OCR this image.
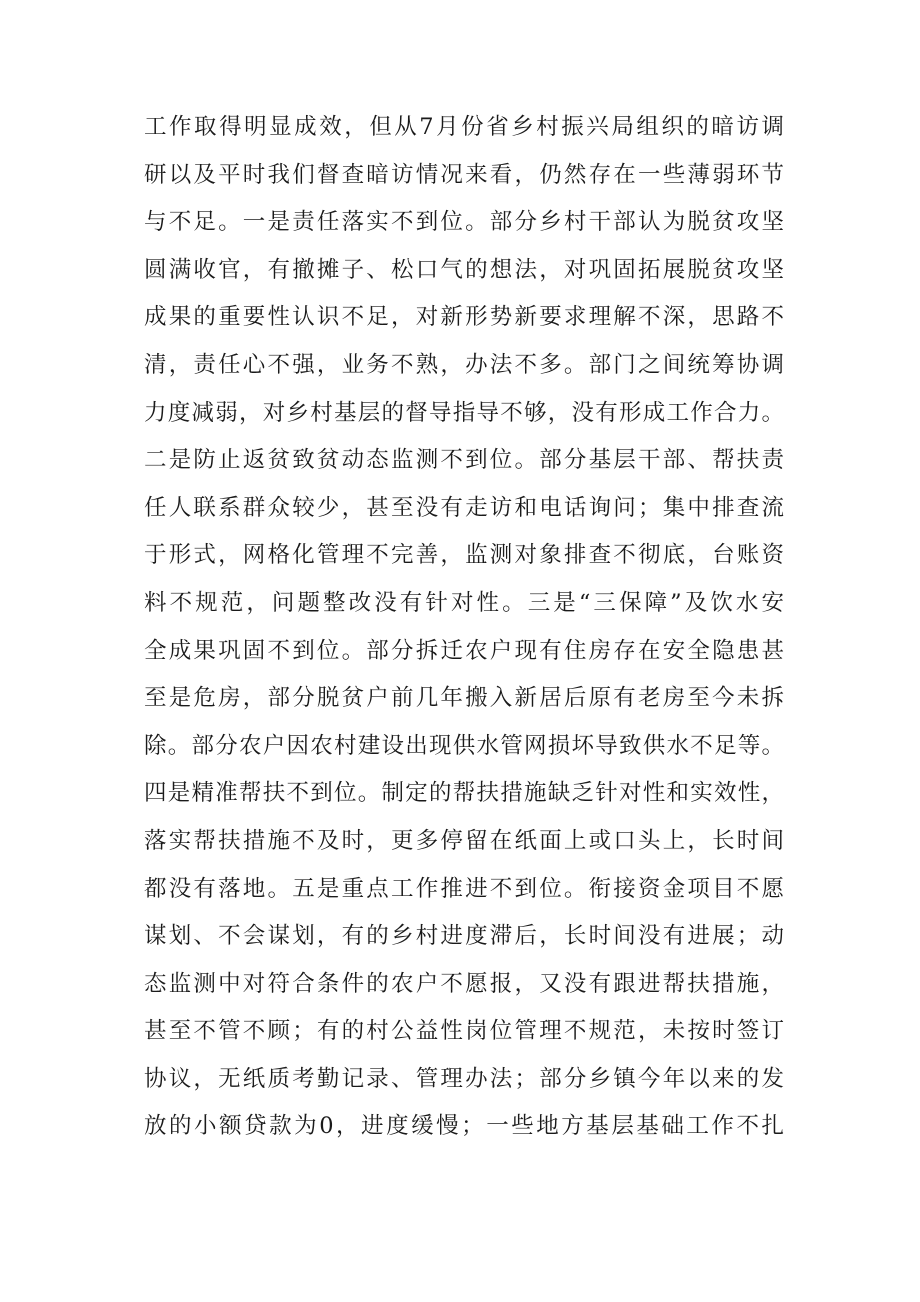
工作取得明显成效，但从7月份省乡村振兴局组织的暗访调
研以及平时我们督查暗访情况来看，仍然存在一些薄弱环节
与不足。一是责任落实不到位。部分乡村干部认为脱贫攻坚
圆满收官，有撤摊子、松口气的想法，对巩固拓展脱贫攻坚
成果的重要性认识不足，对新形势新要求理解不深，思路不
清，责任心不强，业务不熟，办法不多。部门之间统筹协调
力度减弱，对乡村基层的督导指导不够，没有形成工作合力。
二是防止返贫致贫动态监测不到位。部分基层干部、帮扶责
任人联系群众较少，甚至没有走访和电话询问；集中排查流
于形式，网格化管理不完善，监测对象排查不彻底，台账资
料不规范，问题整改没有针对性。三是“三保障”及饮水安
全成果巩固不到位。部分拆迁农户现有住房存在安全隐患甚
至是危房，部分脱贫户前几年搬入新居后原有老房至今未拆
除。部分农户因农村建设出现供水管网损坏导致供水不足等。
四是精准帮扶不到位。制定的帮扶措施缺乏针对性和实效性，
落实帮扶措施不及时，更多停留在纸面上或口头上，长时间
都没有落地。五是重点工作推进不到位。衔接资金项目不愿
谋划、不会谋划，有的乡村进度滞后，长时间没有进展；动
态监测中对符合条件的农户不愿报，又没有跟进帮扶措施，
甚至不管不顾；有的村公益性岗位管理不规范，未按时签订
协议，无纸质考勤记录、管理办法；部分乡镇今年以来的发
放的小额贷款为0，进度缓慢；一些地方基层基础工作不扎
